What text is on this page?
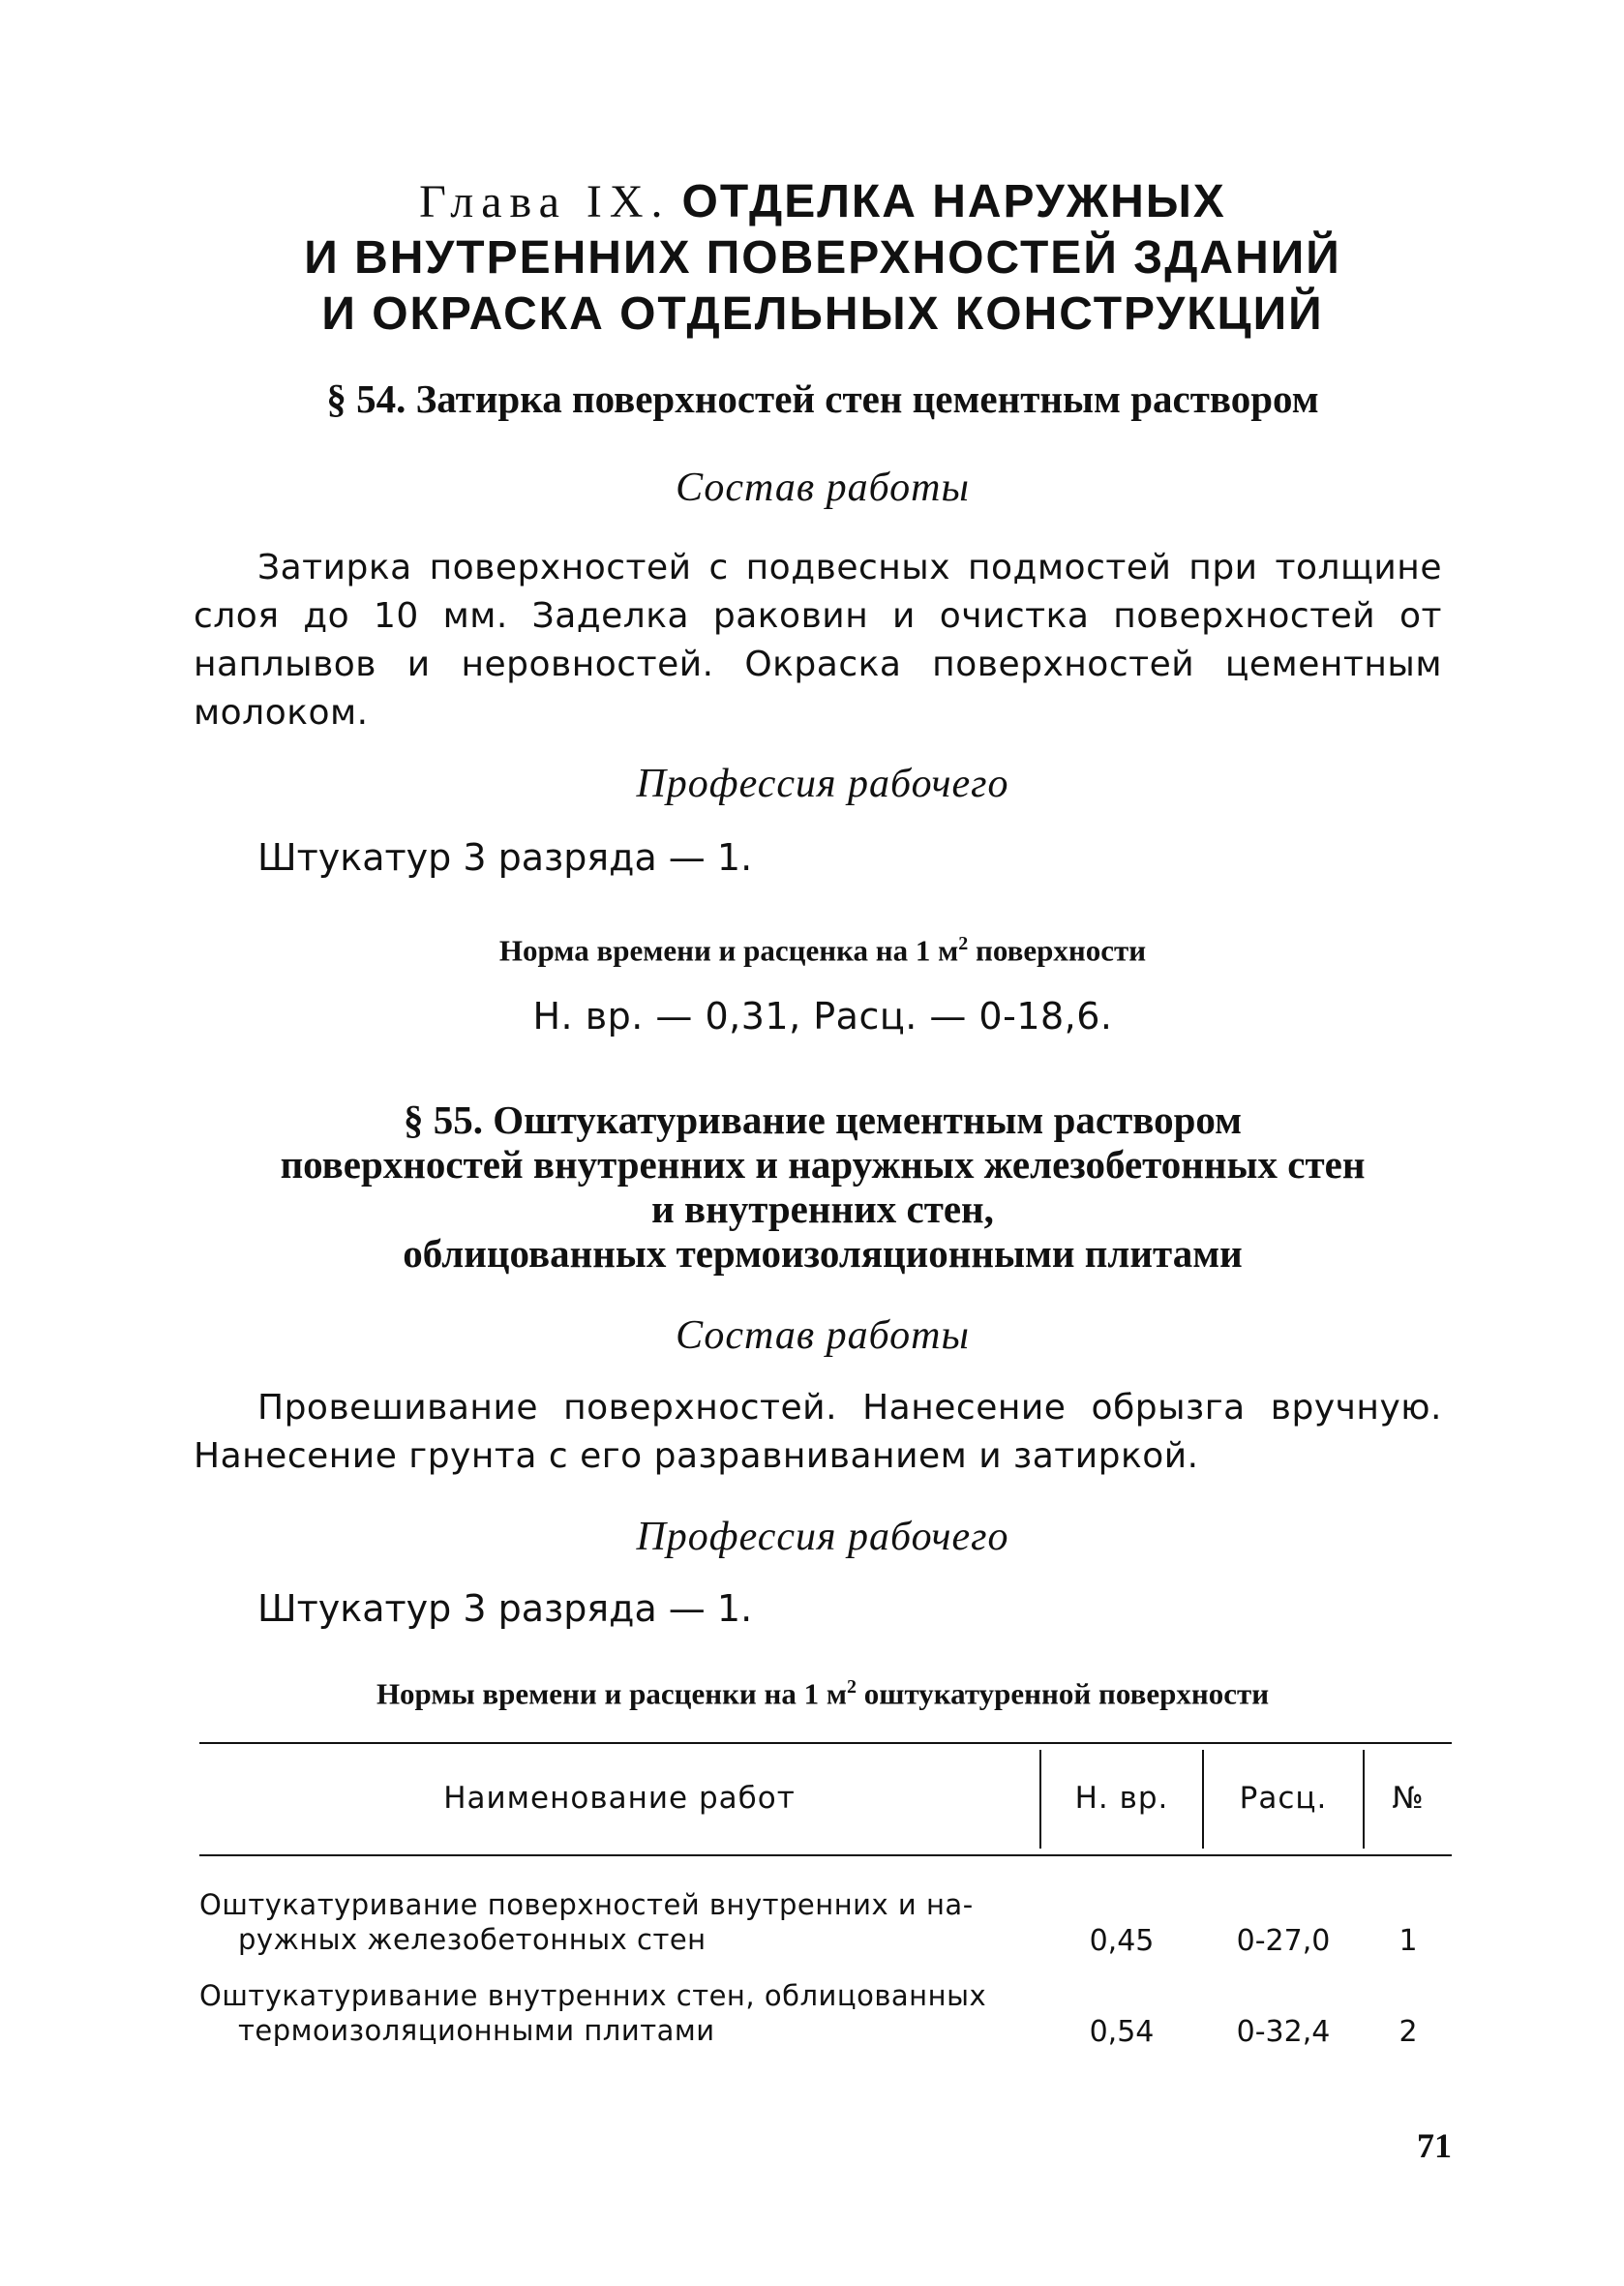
Глава IX. ОТДЕЛКА НАРУЖНЫХ
И ВНУТРЕННИХ ПОВЕРХНОСТЕЙ ЗДАНИЙ
И ОКРАСКА ОТДЕЛЬНЫХ КОНСТРУКЦИЙ
§ 54. Затирка поверхностей стен цементным раствором
Состав работы
Затирка поверхностей с подвесных подмостей при толщине слоя до 10 мм. Заделка раковин и очистка поверхностей от наплывов и неровностей. Окраска поверхностей цементным молоком.
Профессия рабочего
Штукатур 3 разряда — 1.
Норма времени и расценка на 1 $м^2$ поверхности
Н. вр. — 0,31, Расц. — 0-18,6.
§ 55. Оштукатуривание цементным раствором
поверхностей внутренних и наружных железобетонных стен
и внутренних стен,
облицованных термоизоляционными плитами
Состав работы
Провешивание поверхностей. Нанесение обрызга вручную. Нанесение грунта с его разравниванием и затиркой.
Профессия рабочего
Штукатур 3 разряда — 1.
Нормы времени и расценки на 1 $м^2$ оштукатуренной поверхности
Наименование работ	Н. вр.	Расц.	№
Оштукатуривание поверхностей внутренних и на-
ружных железобетонных стен	0,45	0-27,0	1
Оштукатуривание внутренних стен, облицованных
термоизоляционными плитами	0,54	0-32,4	2
71
